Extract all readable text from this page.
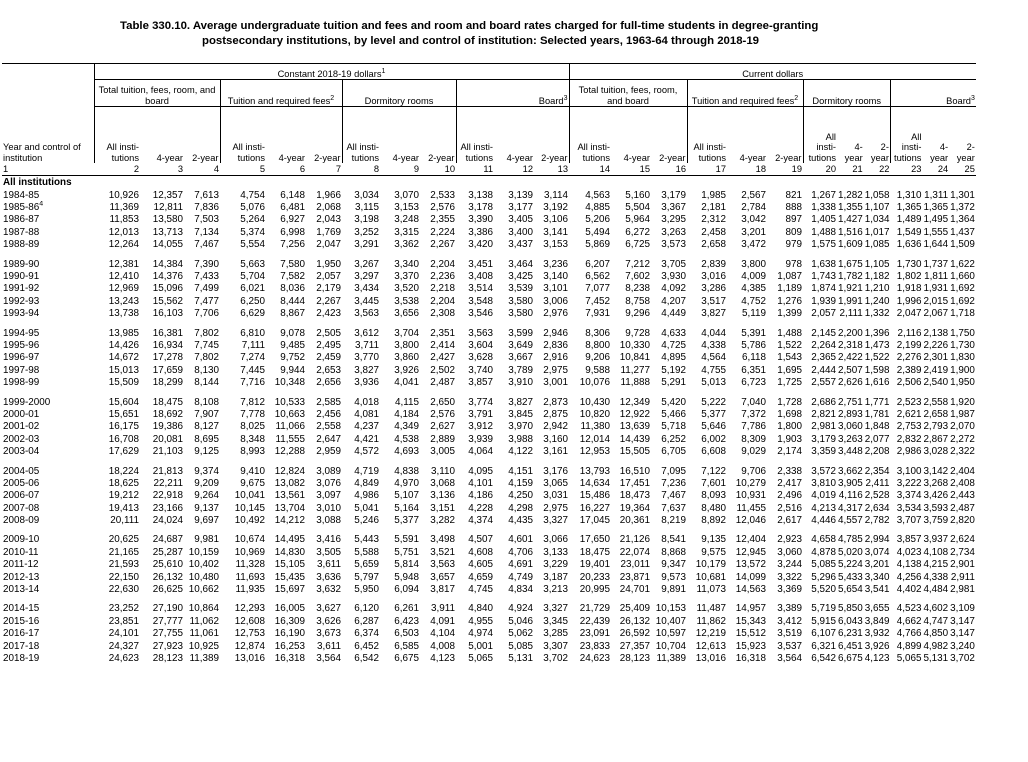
Table 330.10. Average undergraduate tuition and fees and room and board rates charged for full-time students in degree-granting
postsecondary institutions, by level and control of institution: Selected years, 1963-64 through 2018-19
	Constant 2018-19 dollars$^1$												Current dollars											
	Total tuition, fees, room, and board			Tuition and required fees$^2$			Dormitory rooms			Board$^3$			Total tuition, fees, room, and board			Tuition and required fees$^2$			Dormitory rooms			Board$^3$
Year and control of institution	All insti- tutions	4-year	2-year	All insti- tutions	4-year	2-year	All insti- tutions	4-year	2-year	All insti- tutions	4-year	2-year	All insti- tutions	4-year	2-year	All insti- tutions	4-year	2-year	All insti- tutions	4- year	2- year	All insti- tutions	4- year	2- year
1	2	3	4	5	6	7	8	9	10	11	12	13	14	15	16	17	18	19	20	21	22	23	24	25
All institutions																								
1984-85	10,926	12,357	7,613	4,754	6,148	1,966	3,034	3,070	2,533	3,138	3,139	3,114	4,563	5,160	3,179	1,985	2,567	821	1,267	1,282	1,058	1,310	1,311	1,301
$1985-86^4$	11,369	12,811	7,836	5,076	6,481	2,068	3,115	3,153	2,576	3,178	3,177	3,192	4,885	5,504	3,367	2,181	2,784	888	1,338	1,355	1,107	1,365	1,365	1,372
1986-87	11,853	13,580	7,503	5,264	6,927	2,043	3,198	3,248	2,355	3,390	3,405	3,106	5,206	5,964	3,295	2,312	3,042	897	1,405	1,427	1,034	1,489	1,495	1,364
1987-88	12,013	13,713	7,134	5,374	6,998	1,769	3,252	3,315	2,224	3,386	3,400	3,141	5,494	6,272	3,263	2,458	3,201	809	1,488	1,516	1,017	1,549	1,555	1,437
1988-89	12,264	14,055	7,467	5,554	7,256	2,047	3,291	3,362	2,267	3,420	3,437	3,153	5,869	6,725	3,573	2,658	3,472	979	1,575	1,609	1,085	1,636	1,644	1,509

1989-90	12,381	14,384	7,390	5,663	7,580	1,950	3,267	3,340	2,204	3,451	3,464	3,236	6,207	7,212	3,705	2,839	3,800	978	1,638	1,675	1,105	1,730	1,737	1,622
1990-91	12,410	14,376	7,433	5,704	7,582	2,057	3,297	3,370	2,236	3,408	3,425	3,140	6,562	7,602	3,930	3,016	4,009	1,087	1,743	1,782	1,182	1,802	1,811	1,660
1991-92	12,969	15,096	7,499	6,021	8,036	2,179	3,434	3,520	2,218	3,514	3,539	3,101	7,077	8,238	4,092	3,286	4,385	1,189	1,874	1,921	1,210	1,918	1,931	1,692
1992-93	13,243	15,562	7,477	6,250	8,444	2,267	3,445	3,538	2,204	3,548	3,580	3,006	7,452	8,758	4,207	3,517	4,752	1,276	1,939	1,991	1,240	1,996	2,015	1,692
1993-94	13,738	16,103	7,706	6,629	8,867	2,423	3,563	3,656	2,308	3,546	3,580	2,976	7,931	9,296	4,449	3,827	5,119	1,399	2,057	2,111	1,332	2,047	2,067	1,718

1994-95	13,985	16,381	7,802	6,810	9,078	2,505	3,612	3,704	2,351	3,563	3,599	2,946	8,306	9,728	4,633	4,044	5,391	1,488	2,145	2,200	1,396	2,116	2,138	1,750
1995-96	14,426	16,934	7,745	7,111	9,485	2,495	3,711	3,800	2,414	3,604	3,649	2,836	8,800	10,330	4,725	4,338	5,786	1,522	2,264	2,318	1,473	2,199	2,226	1,730
1996-97	14,672	17,278	7,802	7,274	9,752	2,459	3,770	3,860	2,427	3,628	3,667	2,916	9,206	10,841	4,895	4,564	6,118	1,543	2,365	2,422	1,522	2,276	2,301	1,830
1997-98	15,013	17,659	8,130	7,445	9,944	2,653	3,827	3,926	2,502	3,740	3,789	2,975	9,588	11,277	5,192	4,755	6,351	1,695	2,444	2,507	1,598	2,389	2,419	1,900
1998-99	15,509	18,299	8,144	7,716	10,348	2,656	3,936	4,041	2,487	3,857	3,910	3,001	10,076	11,888	5,291	5,013	6,723	1,725	2,557	2,626	1,616	2,506	2,540	1,950

1999-2000	15,604	18,475	8,108	7,812	10,533	2,585	4,018	4,115	2,650	3,774	3,827	2,873	10,430	12,349	5,420	5,222	7,040	1,728	2,686	2,751	1,771	2,523	2,558	1,920
2000-01	15,651	18,692	7,907	7,778	10,663	2,456	4,081	4,184	2,576	3,791	3,845	2,875	10,820	12,922	5,466	5,377	7,372	1,698	2,821	2,893	1,781	2,621	2,658	1,987
2001-02	16,175	19,386	8,127	8,025	11,066	2,558	4,237	4,349	2,627	3,912	3,970	2,942	11,380	13,639	5,718	5,646	7,786	1,800	2,981	3,060	1,848	2,753	2,793	2,070
2002-03	16,708	20,081	8,695	8,348	11,555	2,647	4,421	4,538	2,889	3,939	3,988	3,160	12,014	14,439	6,252	6,002	8,309	1,903	3,179	3,263	2,077	2,832	2,867	2,272
2003-04	17,629	21,103	9,125	8,993	12,288	2,959	4,572	4,693	3,005	4,064	4,122	3,161	12,953	15,505	6,705	6,608	9,029	2,174	3,359	3,448	2,208	2,986	3,028	2,322

2004-05	18,224	21,813	9,374	9,410	12,824	3,089	4,719	4,838	3,110	4,095	4,151	3,176	13,793	16,510	7,095	7,122	9,706	2,338	3,572	3,662	2,354	3,100	3,142	2,404
2005-06	18,625	22,211	9,209	9,675	13,082	3,076	4,849	4,970	3,068	4,101	4,159	3,065	14,634	17,451	7,236	7,601	10,279	2,417	3,810	3,905	2,411	3,222	3,268	2,408
2006-07	19,212	22,918	9,264	10,041	13,561	3,097	4,986	5,107	3,136	4,186	4,250	3,031	15,486	18,473	7,467	8,093	10,931	2,496	4,019	4,116	2,528	3,374	3,426	2,443
2007-08	19,413	23,166	9,137	10,145	13,704	3,010	5,041	5,164	3,151	4,228	4,298	2,975	16,227	19,364	7,637	8,480	11,455	2,516	4,213	4,317	2,634	3,534	3,593	2,487
2008-09	20,111	24,024	9,697	10,492	14,212	3,088	5,246	5,377	3,282	4,374	4,435	3,327	17,045	20,361	8,219	8,892	12,046	2,617	4,446	4,557	2,782	3,707	3,759	2,820

2009-10	20,625	24,687	9,981	10,674	14,495	3,416	5,443	5,591	3,498	4,507	4,601	3,066	17,650	21,126	8,541	9,135	12,404	2,923	4,658	4,785	2,994	3,857	3,937	2,624
2010-11	21,165	25,287	10,159	10,969	14,830	3,505	5,588	5,751	3,521	4,608	4,706	3,133	18,475	22,074	8,868	9,575	12,945	3,060	4,878	5,020	3,074	4,023	4,108	2,734
2011-12	21,593	25,610	10,402	11,328	15,105	3,611	5,659	5,814	3,563	4,605	4,691	3,229	19,401	23,011	9,347	10,179	13,572	3,244	5,085	5,224	3,201	4,138	4,215	2,901
2012-13	22,150	26,132	10,480	11,693	15,435	3,636	5,797	5,948	3,657	4,659	4,749	3,187	20,233	23,871	9,573	10,681	14,099	3,322	5,296	5,433	3,340	4,256	4,338	2,911
2013-14	22,630	26,625	10,662	11,935	15,697	3,632	5,950	6,094	3,817	4,745	4,834	3,213	20,995	24,701	9,891	11,073	14,563	3,369	5,520	5,654	3,541	4,402	4,484	2,981

2014-15	23,252	27,190	10,864	12,293	16,005	3,627	6,120	6,261	3,911	4,840	4,924	3,327	21,729	25,409	10,153	11,487	14,957	3,389	5,719	5,850	3,655	4,523	4,602	3,109
2015-16	23,851	27,777	11,062	12,608	16,309	3,626	6,287	6,423	4,091	4,955	5,046	3,345	22,439	26,132	10,407	11,862	15,343	3,412	5,915	6,043	3,849	4,662	4,747	3,147
2016-17	24,101	27,755	11,061	12,753	16,190	3,673	6,374	6,503	4,104	4,974	5,062	3,285	23,091	26,592	10,597	12,219	15,512	3,519	6,107	6,231	3,932	4,766	4,850	3,147
2017-18	24,327	27,923	10,925	12,874	16,253	3,611	6,452	6,585	4,008	5,001	5,085	3,307	23,833	27,357	10,704	12,613	15,923	3,537	6,321	6,451	3,926	4,899	4,982	3,240
2018-19	24,623	28,123	11,389	13,016	16,318	3,564	6,542	6,675	4,123	5,065	5,131	3,702	24,623	28,123	11,389	13,016	16,318	3,564	6,542	6,675	4,123	5,065	5,131	3,702
